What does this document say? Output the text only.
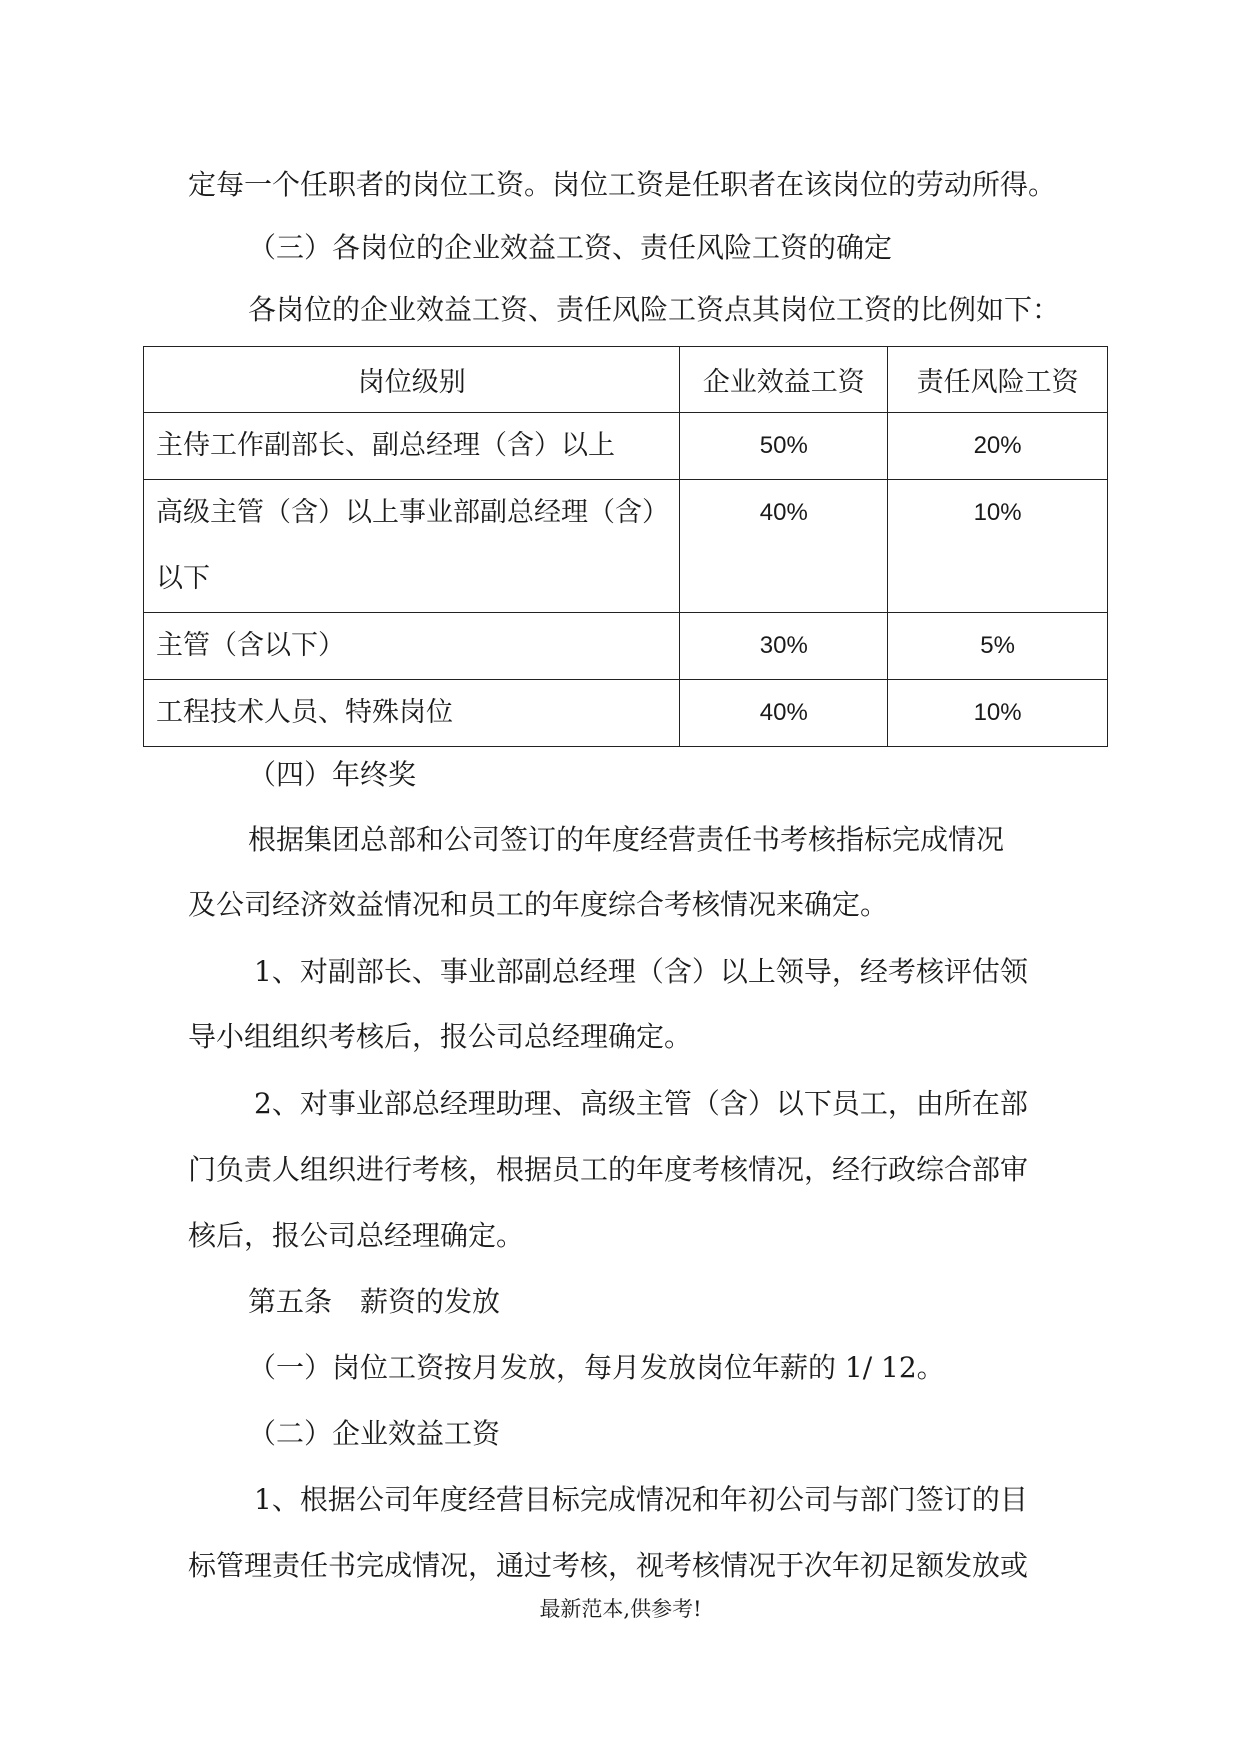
定每一个任职者的岗位工资。岗位工资是任职者在该岗位的劳动所得。
（三）各岗位的企业效益工资、责任风险工资的确定
各岗位的企业效益工资、责任风险工资点其岗位工资的比例如下：
岗位级别	企业效益工资	责任风险工资
主侍工作副部长、副总经理（含）以上	50%	20%
高级主管（含）以上事业部副总经理（含）以下	40%	10%
主管（含以下）	30%	5%
工程技术人员、特殊岗位	40%	10%
（四）年终奖
根据集团总部和公司签订的年度经营责任书考核指标完成情况
及公司经济效益情况和员工的年度综合考核情况来确定。
1、对副部长、事业部副总经理（含）以上领导，经考核评估领
导小组组织考核后，报公司总经理确定。
2、对事业部总经理助理、高级主管（含）以下员工，由所在部
门负责人组织进行考核，根据员工的年度考核情况，经行政综合部审
核后，报公司总经理确定。
第五条　薪资的发放
（一）岗位工资按月发放，每月发放岗位年薪的 1/ 12。
（二）企业效益工资
1、根据公司年度经营目标完成情况和年初公司与部门签订的目
标管理责任书完成情况，通过考核，视考核情况于次年初足额发放或
最新范本,供参考!
